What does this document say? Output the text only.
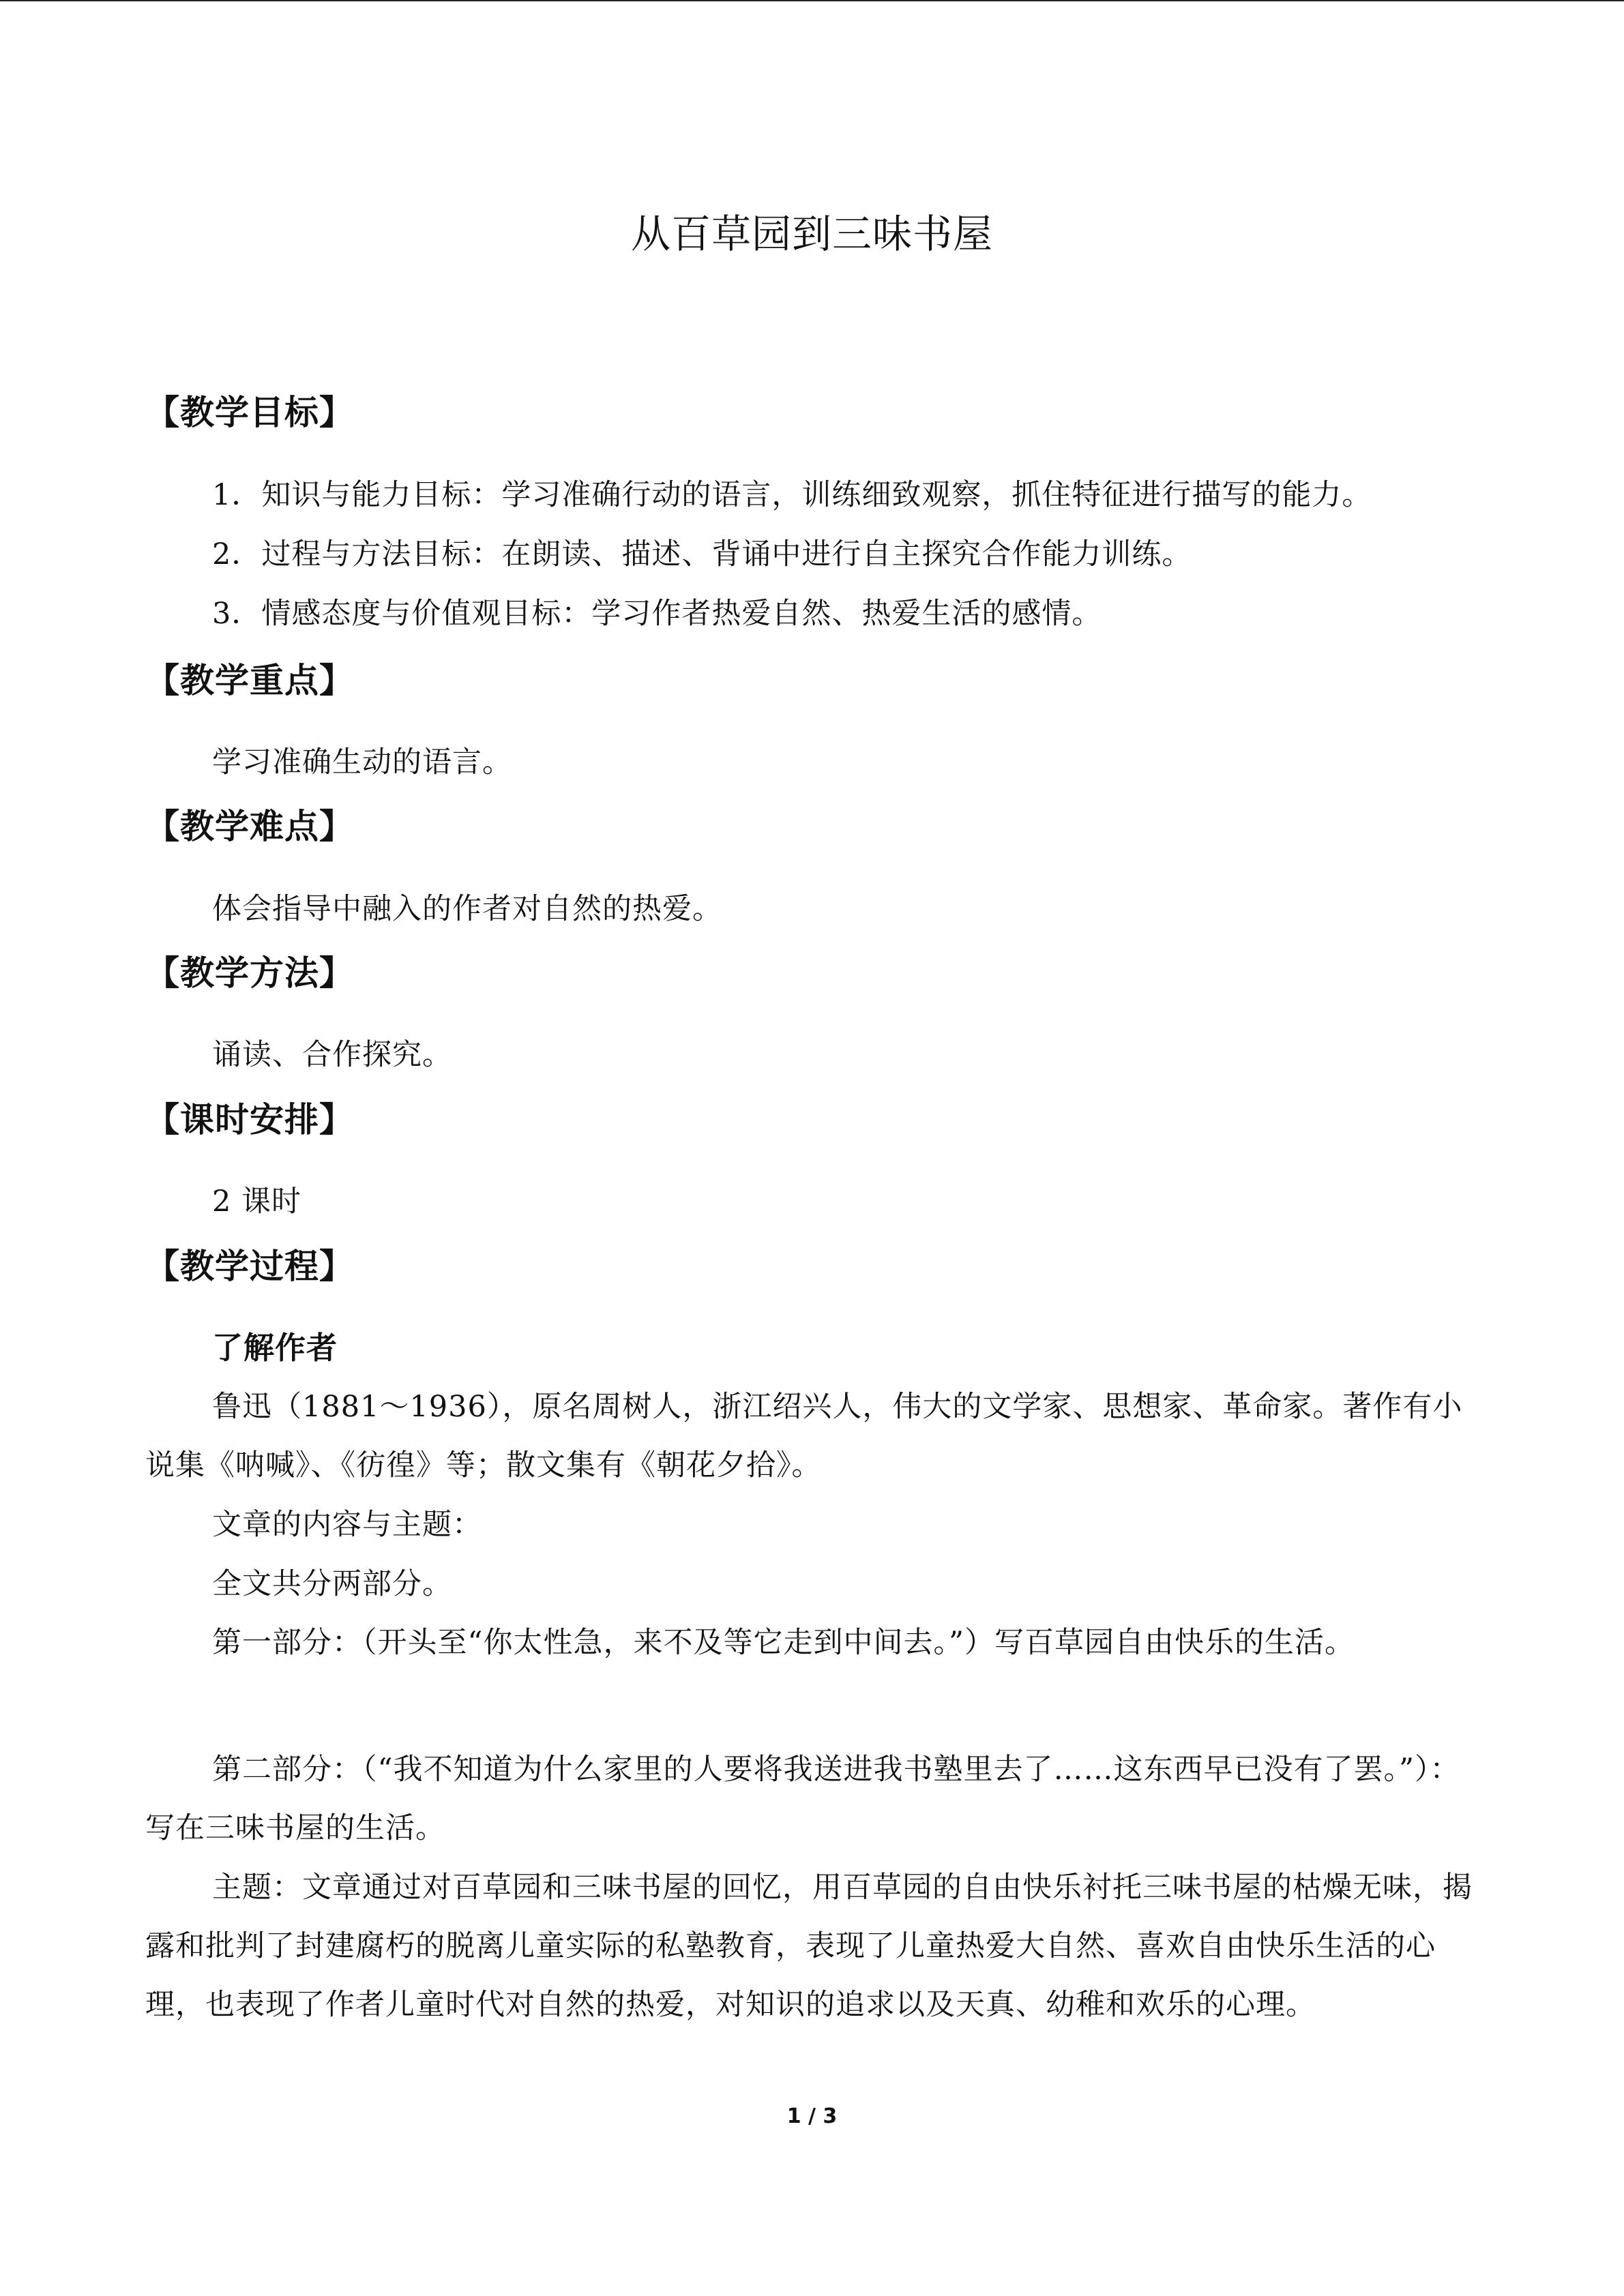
从百草园到三味书屋
【教学目标】
1．知识与能力目标：学习准确行动的语言，训练细致观察，抓住特征进行描写的能力。
2．过程与方法目标：在朗读、描述、背诵中进行自主探究合作能力训练。
3．情感态度与价值观目标：学习作者热爱自然、热爱生活的感情。
【教学重点】
学习准确生动的语言。
【教学难点】
体会指导中融入的作者对自然的热爱。
【教学方法】
诵读、合作探究。
【课时安排】
2 课时
【教学过程】
了解作者
鲁迅（1881～1936），原名周树人，浙江绍兴人，伟大的文学家、思想家、革命家。著作有小说集《呐喊》、《彷徨》等；散文集有《朝花夕拾》。
文章的内容与主题：
全文共分两部分。
第一部分：（开头至“你太性急，来不及等它走到中间去。”）写百草园自由快乐的生活。
第二部分：（“我不知道为什么家里的人要将我送进我书塾里去了……这东西早已没有了罢。”）：写在三味书屋的生活。
主题：文章通过对百草园和三味书屋的回忆，用百草园的自由快乐衬托三味书屋的枯燥无味，揭露和批判了封建腐朽的脱离儿童实际的私塾教育，表现了儿童热爱大自然、喜欢自由快乐生活的心理，也表现了作者儿童时代对自然的热爱，对知识的追求以及天真、幼稚和欢乐的心理。
1 / 3
